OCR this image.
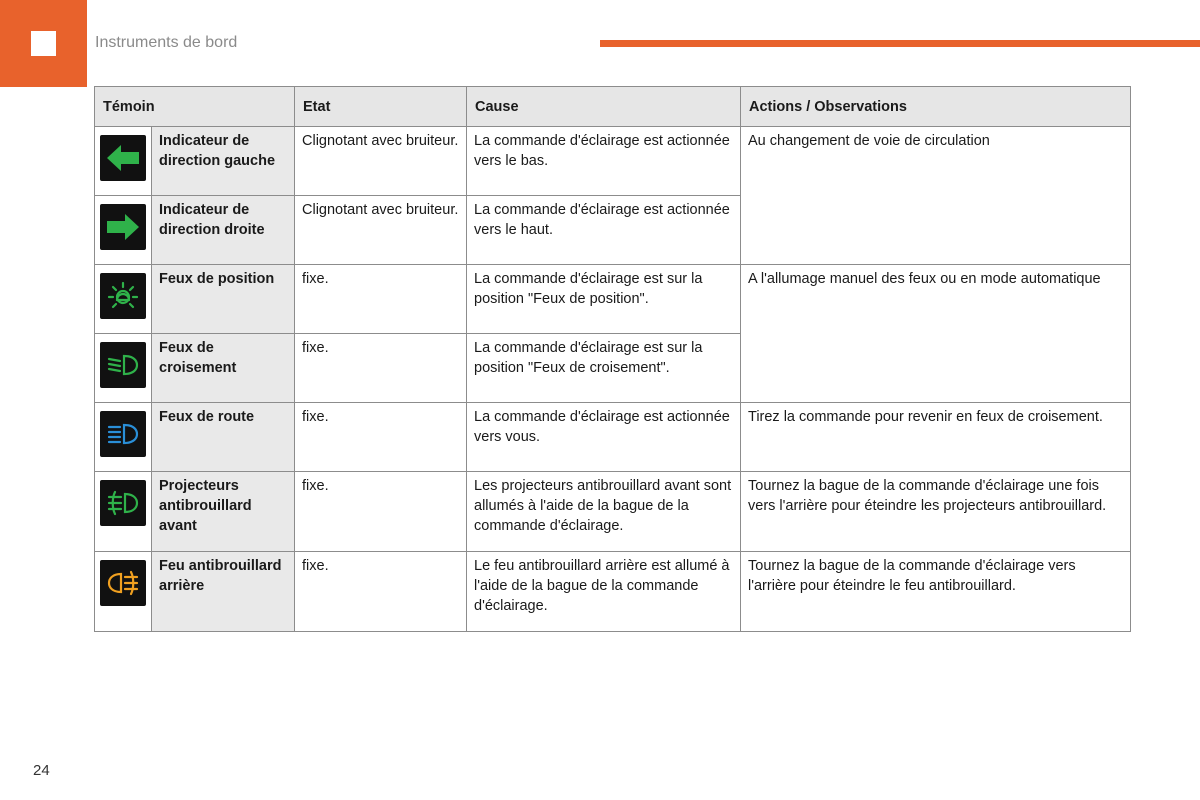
Instruments de bord
Témoin		Etat	Cause	Actions / Observations

	Indicateur de direction gauche	Clignotant avec bruiteur.	La commande d'éclairage est actionnée vers le bas.	Au changement de voie de circulation

	Indicateur de direction droite	Clignotant avec bruiteur.	La commande d'éclairage est actionnée vers le haut.	

	Feux de position	fixe.	La commande d'éclairage est sur la position "Feux de position".	A l'allumage manuel des feux ou en mode automatique

	Feux de croisement	fixe.	La commande d'éclairage est sur la position "Feux de croisement".	

	Feux de route	fixe.	La commande d'éclairage est actionnée vers vous.	Tirez la commande pour revenir en feux de croisement.

	Projecteurs antibrouillard avant	fixe.	Les projecteurs antibrouillard avant sont allumés à l'aide de la bague de la commande d'éclairage.	Tournez la bague de la commande d'éclairage une fois vers l'arrière pour éteindre les projecteurs antibrouillard.

	Feu antibrouillard arrière	fixe.	Le feu antibrouillard arrière est allumé à l'aide de la bague de la commande d'éclairage.	Tournez la bague de la commande d'éclairage vers l'arrière pour éteindre le feu antibrouillard.
24
